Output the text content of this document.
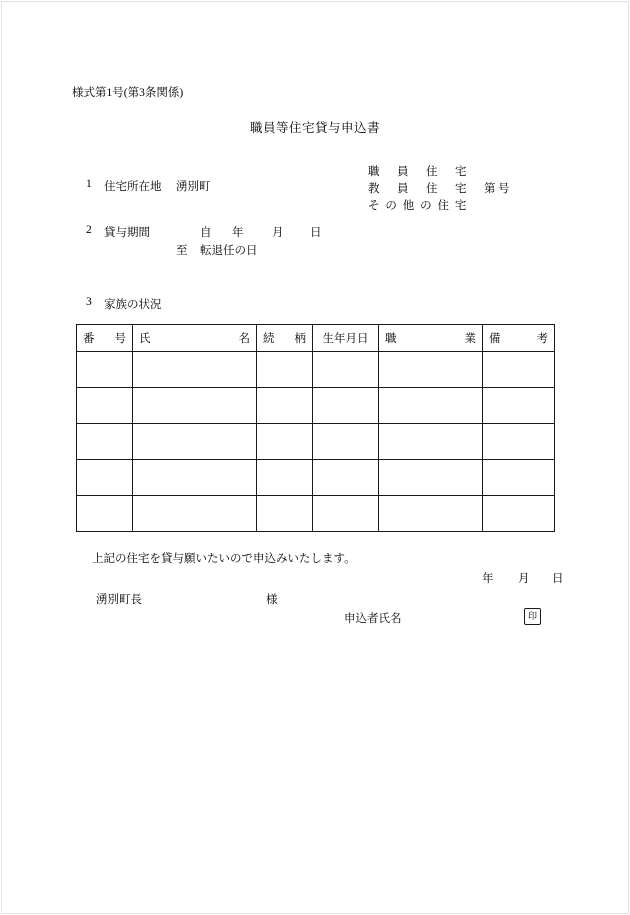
様式第1号(第3条関係)
職員等住宅貸与申込書
1 住宅所在地 湧別町
職　員　住　宅
教　員　住　宅　第 号
そ の 他 の 住 宅
2 貸与期間	自 年 月 日
至 転退任の日
3 家族の状況
番 号	氏 名	続 柄	生年月日	職 業	備 考

上記の住宅を貸与願いたいので申込みいたします。
年 月 日
湧別町長	様
申込者氏名	印
